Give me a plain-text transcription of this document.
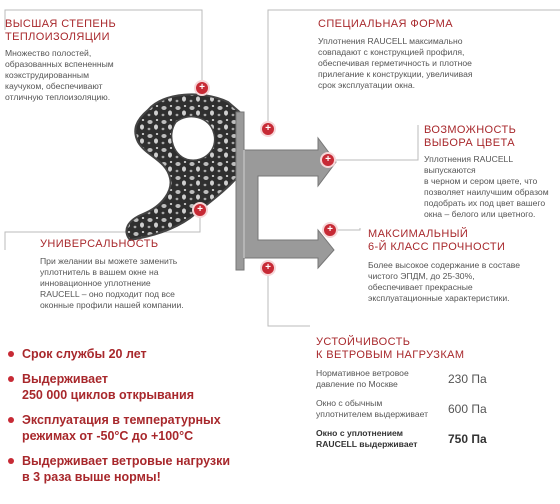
+
+
+
+
+
+
ВЫСШАЯ СТЕПЕНЬ
ТЕПЛОИЗОЛЯЦИИ
Множество полостей,
образованных вспененным
коэкструдированным
каучуком, обеспечивают
отличную теплоизоляцию.
СПЕЦИАЛЬНАЯ ФОРМА
Уплотнения RAUCELL максимально
совпадают с конструкцией профиля,
обеспечивая герметичность и плотное
прилегание к конструкции, увеличивая
срок эксплуатации окна.
ВОЗМОЖНОСТЬ
ВЫБОРА ЦВЕТА
Уплотнения RAUCELL выпускаются
в черном и сером цвете, что
позволяет наилучшим образом
подобрать их под цвет вашего
окна – белого или цветного.
УНИВЕРСАЛЬНОСТЬ
При желании вы можете заменить
уплотнитель в вашем окне на
инновационное уплотнение
RAUCELL – оно подходит под все
оконные профили нашей компании.
МАКСИМАЛЬНЫЙ
6-Й КЛАСС ПРОЧНОСТИ
Более высокое содержание в составе
чистого ЭПДМ, до 25-30%,
обеспечивает прекрасные
эксплуатационные характеристики.
УСТОЙЧИВОСТЬ
К ВЕТРОВЫМ НАГРУЗКАМ
Нормативное ветровое
давление по Москве	230 Па
Окно с обычным
уплотнителем выдерживает	600 Па
Окно с уплотнением
RAUCELL выдерживает	750 Па
Срок службы 20 лет
Выдерживает
250 000 циклов открывания
Эксплуатация в температурных
режимах от -50°C до +100°C
Выдерживает ветровые нагрузки
в 3 раза выше нормы!
